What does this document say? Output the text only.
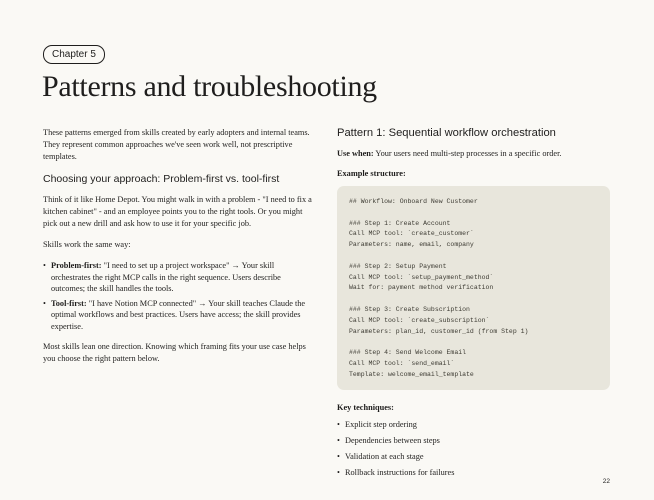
Chapter 5
Patterns and troubleshooting

These patterns emerged from skills created by early adopters and internal teams. They represent common approaches we've seen work well, not prescriptive templates.

Choosing your approach: Problem-first vs. tool-first

Think of it like Home Depot. You might walk in with a problem - "I need to fix a kitchen cabinet" - and an employee points you to the right tools. Or you might pick out a new drill and ask how to use it for your specific job.

Skills work the same way:

• Problem-first: "I need to set up a project workspace" → Your skill orchestrates the right MCP calls in the right sequence. Users describe outcomes; the skill handles the tools.
• Tool-first: "I have Notion MCP connected" → Your skill teaches Claude the optimal workflows and best practices. Users have access; the skill provides expertise.

Most skills lean one direction. Knowing which framing fits your use case helps you choose the right pattern below.

Pattern 1: Sequential workflow orchestration

Use when: Your users need multi-step processes in a specific order.

Example structure:

## Workflow: Onboard New Customer
### Step 1: Create Account
Call MCP tool: `create_customer`
Parameters: name, email, company
### Step 2: Setup Payment
Call MCP tool: `setup_payment_method`
Wait for: payment method verification
### Step 3: Create Subscription
Call MCP tool: `create_subscription`
Parameters: plan_id, customer_id (from Step 1)
### Step 4: Send Welcome Email
Call MCP tool: `send_email`
Template: welcome_email_template

Key techniques:

• Explicit step ordering
• Dependencies between steps
• Validation at each stage
• Rollback instructions for failures
22
